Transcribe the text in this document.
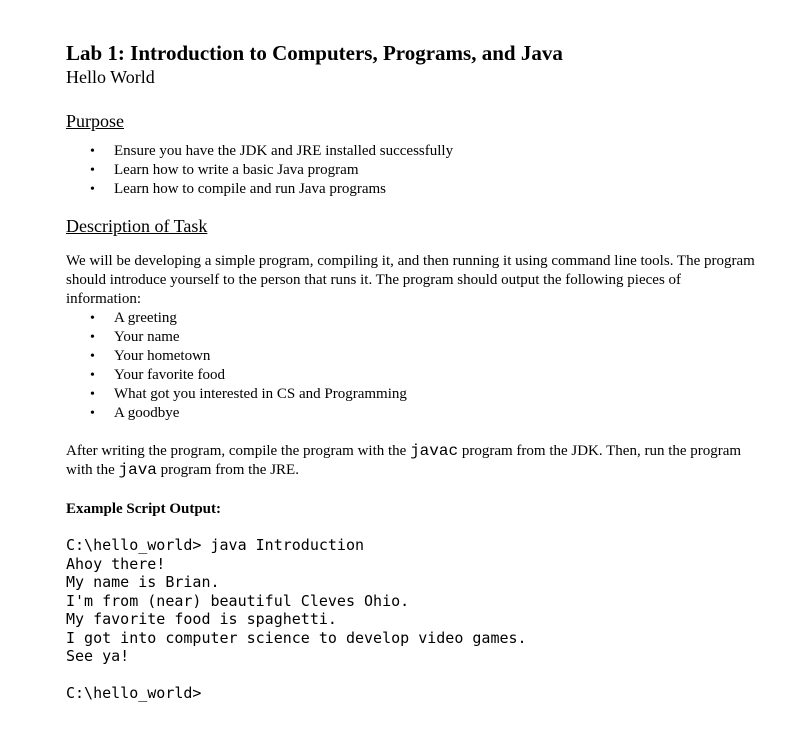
Lab 1: Introduction to Computers, Programs, and Java

Hello World

Purpose

• Ensure you have the JDK and JRE installed successfully
• Learn how to write a basic Java program
• Learn how to compile and run Java programs

Description of Task

We will be developing a simple program, compiling it, and then running it using command line tools. The program should introduce yourself to the person that runs it. The program should output the following pieces of information:

• A greeting
• Your name
• Your hometown
• Your favorite food
• What got you interested in CS and Programming
• A goodbye

After writing the program, compile the program with the javac program from the JDK. Then, run the program with the java program from the JRE.

Example Script Output:

C:\hello_world> java Introduction
Ahoy there!
My name is Brian.
I'm from (near) beautiful Cleves Ohio.
My favorite food is spaghetti.
I got into computer science to develop video games.
See ya!
C:\hello_world>
